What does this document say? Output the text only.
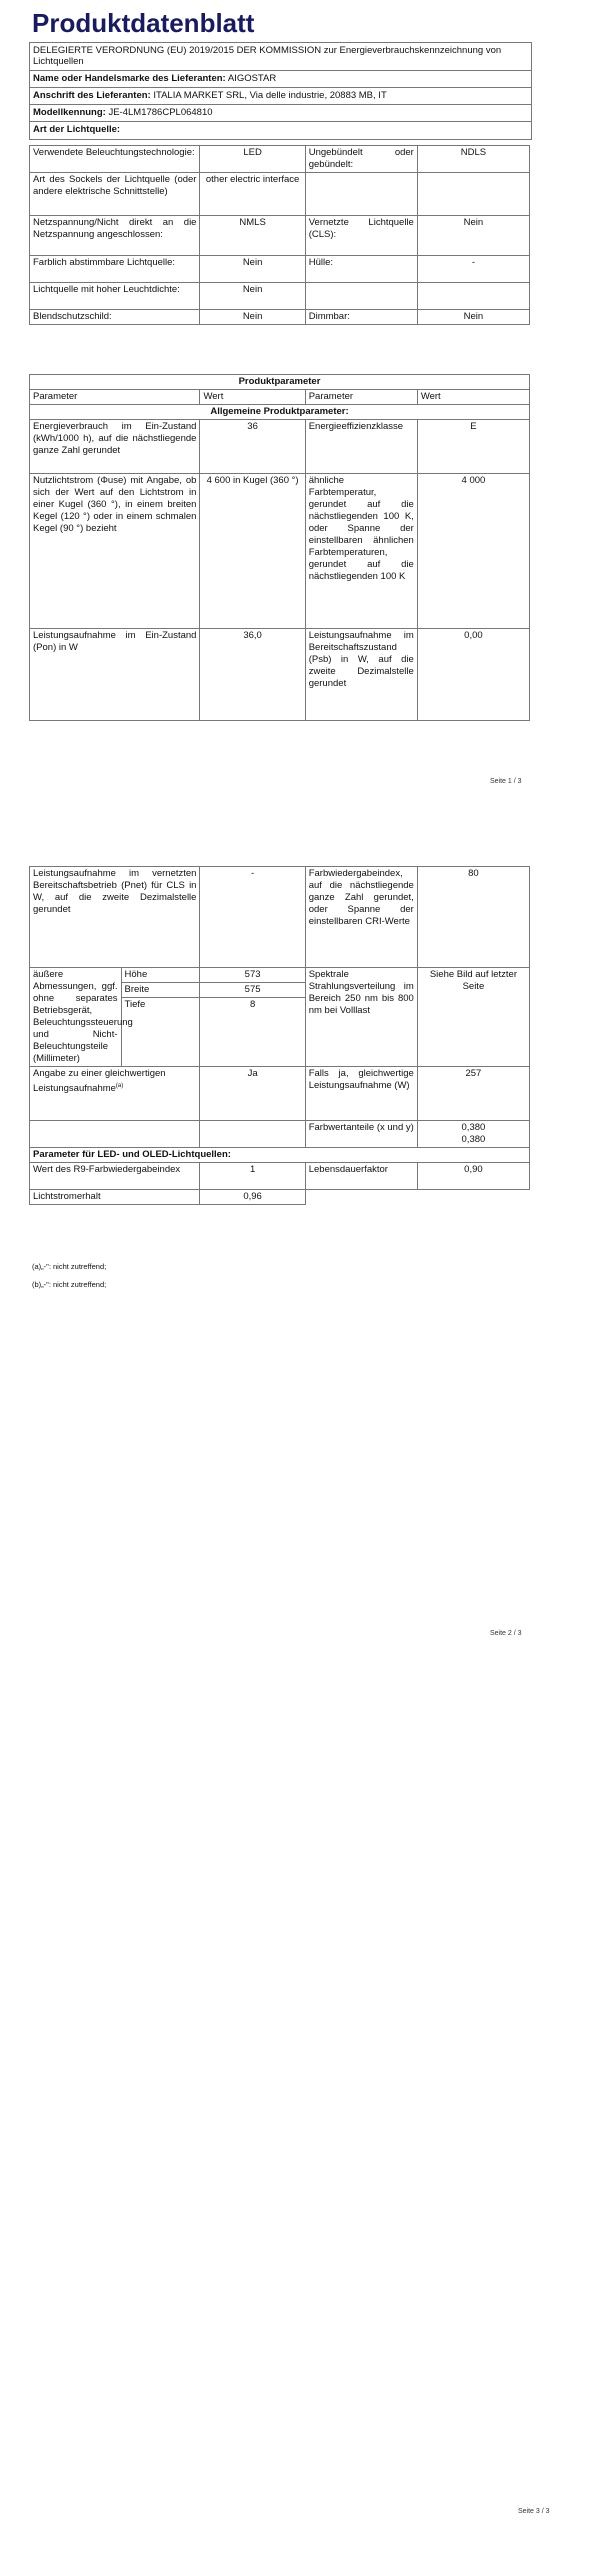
Produktdatenblatt
DELEGIERTE VERORDNUNG (EU) 2019/2015 DER KOMMISSION zur Energieverbrauchskennzeichnung von Lichtquellen
Name oder Handelsmarke des Lieferanten: AIGOSTAR
Anschrift des Lieferanten: ITALIA MARKET SRL, Via delle industrie, 20883 MB, IT
Modellkennung: JE-4LM1786CPL064810
Art der Lichtquelle:
Verwendete Beleuchtungstechnologie:	LED	Ungebündelt oder gebündelt:	NDLS
Art des Sockels der Lichtquelle (oder andere elektrische Schnittstelle)	other electric interface		
Netzspannung/Nicht direkt an die Netzspannung angeschlossen:	NMLS	Vernetzte Lichtquelle (CLS):	Nein
Farblich abstimmbare Lichtquelle:	Nein	Hülle:	-
Lichtquelle mit hoher Leuchtdichte:	Nein		
Blendschutzschild:	Nein	Dimmbar:	Nein
Produktparameter			
Parameter	Wert	Parameter	Wert
Allgemeine Produktparameter:			
Energieverbrauch im Ein-Zustand (kWh/1000 h), auf die nächstliegende ganze Zahl gerundet	36	Energieeffizienzklasse	E
Nutzlichtstrom (Φuse) mit Angabe, ob sich der Wert auf den Lichtstrom in einer Kugel (360 °), in einem breiten Kegel (120 °) oder in einem schmalen Kegel (90 °) bezieht	4 600 in Kugel (360 °)	ähnliche Farbtemperatur, gerundet auf die nächstliegenden 100 K, oder Spanne der einstellbaren ähnlichen Farbtemperaturen, gerundet auf die nächstliegenden 100 K	4 000
Leistungsaufnahme im Ein-Zustand (Pon) in W	36,0	Leistungsaufnahme im Bereitschaftszustand (Psb) in W, auf die zweite Dezimalstelle gerundet	0,00
Seite 1 / 3
Leistungsaufnahme im vernetzten Bereitschaftsbetrieb (Pnet) für CLS in W, auf die zweite Dezimalstelle gerundet		-	Farbwiedergabeindex, auf die nächstliegende ganze Zahl gerundet, oder Spanne der einstellbaren CRI-Werte	80
äußere Abmessungen, ggf. ohne separates Betriebsgerät, Beleuchtungssteuerung und Nicht-Beleuchtungsteile (Millimeter)	Höhe	573	Spektrale Strahlungsverteilung im Bereich 250 nm bis 800 nm bei Volllast	Siehe Bild auf letzter Seite
	Breite	575		
	Tiefe	8		
Angabe zu einer gleichwertigen Leistungsaufnahme$^{(a)}$		Ja	Falls ja, gleichwertige Leistungsaufnahme (W)	257
			Farbwertanteile (x und y)	0,380
0,380
Parameter für LED- und OLED-Lichtquellen:				
Wert des R9-Farbwiedergabeindex		1	Lebensdauerfaktor	0,90
Lichtstromerhalt		0,96		
(a)„-": nicht zutreffend;
(b)„-": nicht zutreffend;
Seite 2 / 3
Seite 3 / 3
